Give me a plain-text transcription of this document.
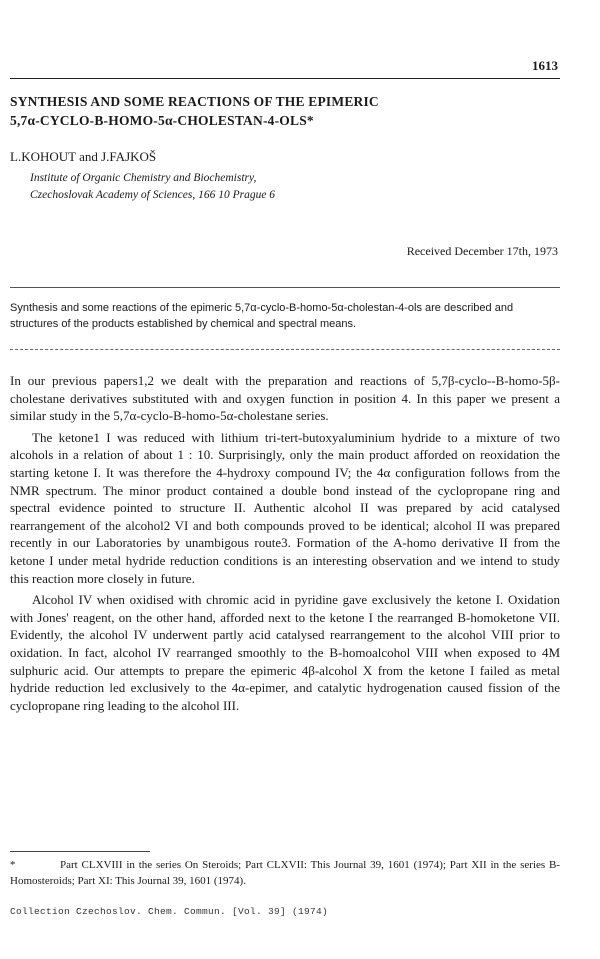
1613
SYNTHESIS AND SOME REACTIONS OF THE EPIMERIC
5,7α-CYCLO-B-HOMO-5α-CHOLESTAN-4-OLS*
L.KOHOUT and J.FAJKOŠ
Institute of Organic Chemistry and Biochemistry,
Czechoslovak Academy of Sciences, 166 10 Prague 6
Received December 17th, 1973
Synthesis and some reactions of the epimeric 5,7α-cyclo-B-homo-5α-cholestan-4-ols are described and structures of the products established by chemical and spectral means.

In our previous papers1,2 we dealt with the preparation and reactions of 5,7β-cyclo--B-homo-5β-cholestane derivatives substituted with and oxygen function in position 4. In this paper we present a similar study in the 5,7α-cyclo-B-homo-5α-cholestane series.

The ketone1 I was reduced with lithium tri-tert-butoxyaluminium hydride to a mixture of two alcohols in a relation of about 1 : 10. Surprisingly, only the main product afforded on reoxidation the starting ketone I. It was therefore the 4-hydroxy compound IV; the 4α configuration follows from the NMR spectrum. The minor product contained a double bond instead of the cyclopropane ring and spectral evidence pointed to structure II. Authentic alcohol II was prepared by acid catalysed rearrangement of the alcohol2 VI and both compounds proved to be identical; alcohol II was prepared recently in our Laboratories by unambigous route3. Formation of the A-homo derivative II from the ketone I under metal hydride reduction conditions is an interesting observation and we intend to study this reaction more closely in future.

Alcohol IV when oxidised with chromic acid in pyridine gave exclusively the ketone I. Oxidation with Jones' reagent, on the other hand, afforded next to the ketone I the rearranged B-homoketone VII. Evidently, the alcohol IV underwent partly acid catalysed rearrangement to the alcohol VIII prior to oxidation. In fact, alcohol IV rearranged smoothly to the B-homoalcohol VIII when exposed to 4M sulphuric acid. Our attempts to prepare the epimeric 4β-alcohol X from the ketone I failed as metal hydride reduction led exclusively to the 4α-epimer, and catalytic hydrogenation caused fission of the cyclopropane ring leading to the alcohol III.

*	Part CLXVIII in the series On Steroids; Part CLXVII: This Journal 39, 1601 (1974); Part XII in the series B-Homosteroids; Part XI: This Journal 39, 1601 (1974).
Collection Czechoslov. Chem. Commun. [Vol. 39] (1974)
